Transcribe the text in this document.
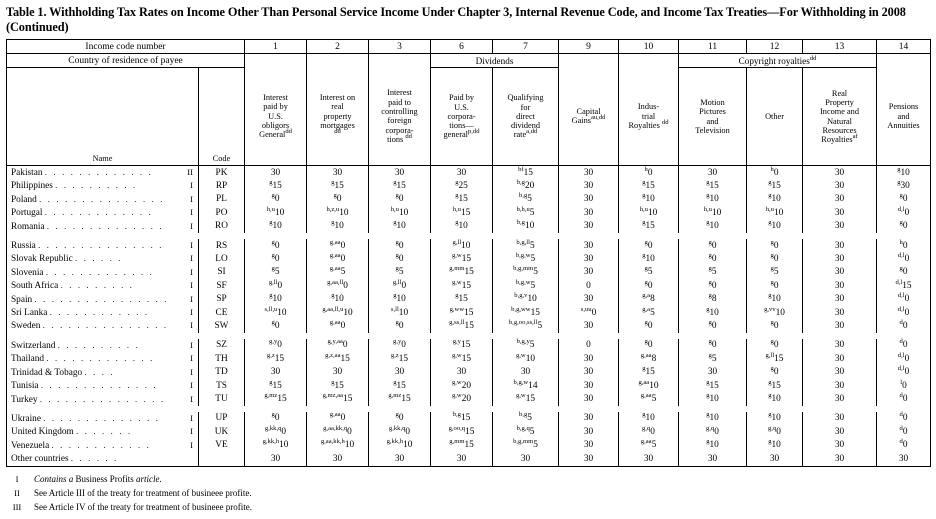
Table 1. Withholding Tax Rates on Income Other Than Personal Service Income Under Chapter 3, Internal Revenue Code, and Income Tax Treaties—For Withholding in 2008 (Continued)
Income code number		1	2	3	6	7	9	10	11	12	13	14
Country of residence of payee					Dividends				Copyright royalties$^{dd}$	
Name	Code	Interest
paid by
U.S.
obligors
General$^{dd}$	Interest on
real
property
mortgages
$^{dd}$	Interest
paid to
controlling
foreign
corpora-
tions $^{dd}$	Paid by
U.S.
corpora-
tions—
general$^{p,dd}$	Qualifying
for
direct
dividend
rate$^{a,dd}$	Capital
Gains$^{au,dd}$	Indus-
trial
Royalties $^{dd}$	Motion
Pictures
and
Television	Other	Real
Property
Income and
Natural
Resources
Royalties$^{af}$	Pensions
and
Annuities
Pakistan . . . . . . . . . . . . . II	PK	30	30	30	30	$^{bf}$15	30	$^h$0	30	$^h$0	30	$^g$10
Philippines . . . . . . . . . . I	RP	$^g$15	$^g$15	$^g$15	$^g$25	$^{b,g}$20	30	$^g$15	$^g$15	$^g$15	30	$^g$30
Poland . . . . . . . . . . . . . . . I	PL	$^g$0	$^g$0	$^g$0	$^g$15	$^{b,g}$5	30	$^g$10	$^g$10	$^g$10	30	$^g$0
Portugal . . . . . . . . . . . . . I	PO	$^{h,u}$10	$^{h,z,u}$10	$^{h,u}$10	$^{h,u}$15	$^{b,h,u}$5	30	$^{h,u}$10	$^{h,u}$10	$^{h,u}$10	30	$^{d,l}$0
Romania . . . . . . . . . . . . . . I	RO	$^g$10	$^g$10	$^g$10	$^g$10	$^{b,g}$10	30	$^g$15	$^g$10	$^g$10	30	$^g$0

Russia . . . . . . . . . . . . . . . I	RS	$^g$0	$^{g,aa}$0	$^g$0	$^{g,ll}$10	$^{b,g,ll}$5	30	$^g$0	$^g$0	$^g$0	30	$^h$0
Slovak Republic . . . . . . I	LO	$^g$0	$^{g,aa}$0	$^g$0	$^{g,w}$15	$^{b,g,w}$5	30	$^g$10	$^g$0	$^g$0	30	$^{d,l}$0
Slovenia . . . . . . . . . . . . . I	SI	$^g$5	$^{g,aa}$5	$^g$5	$^{g,mm}$15	$^{b,g,mm}$5	30	$^g$5	$^g$5	$^g$5	30	$^g$0
South Africa . . . . . . . . . I	SF	$^{g,ll}$0	$^{g,aa,ll}$0	$^{g,ll}$0	$^{g,w}$15	$^{b,g,w}$5	0	$^g$0	$^g$0	$^g$0	30	$^{d,l}$15
Spain . . . . . . . . . . . . . . . . I	SP	$^g$10	$^g$10	$^g$10	$^g$15	$^{b,g,v}$10	30	$^{g,a}$8	$^g$8	$^g$10	30	$^{d,l}$0
Sri Lanka . . . . . . . . . . . . I	CE	$^{s,ll,u}$10	$^{g,aa,ll,u}$10	$^{s,ll}$10	$^{g,ww}$15	$^{b,g,ww}$15	$^{s,uu}$0	$^{g,a}$5	$^g$10	$^{g,vv}$10	30	$^{d,l}$0
Sweden . . . . . . . . . . . . . . . I	SW	$^g$0	$^{g,aa}$0	$^g$0	$^{g,ss,ll}$15	$^{b,g,oo,ss,ll}$5	30	$^g$0	$^g$0	$^g$0	30	$^d$0

Switzerland . . . . . . . . . . I	SZ	$^{g,y}$0	$^{g,y,aa}$0	$^{g,y}$0	$^{g,y}$15	$^{b,g,y}$5	0	$^g$0	$^g$0	$^g$0	30	$^d$0
Thailand . . . . . . . . . . . . . I	TH	$^{g,z}$15	$^{g,z,aa}$15	$^{g,z}$15	$^{g,w}$15	$^{g,w}$10	30	$^{g,aa}$8	$^g$5	$^{g,ll}$15	30	$^{d,l}$0
Trinidad & Tobago . . . . I	TD	30	30	30	30	30	30	$^g$15	30	$^g$0	30	$^{d,l}$0
Tunisia . . . . . . . . . . . . . . I	TS	$^g$15	$^g$15	$^g$15	$^{g,w}$20	$^{b,g,w}$14	30	$^{g,aa}$10	$^g$15	$^g$15	30	$^l$0
Turkey . . . . . . . . . . . . . . . I	TU	$^{g,mz}$15	$^{g,mz,aa}$15	$^{g,mz}$15	$^{g,w}$20	$^{g,w}$15	30	$^{g,aa}$5	$^g$10	$^g$10	30	$^d$0

Ukraine . . . . . . . . . . . . . . I	UP	$^g$0	$^{g,aa}$0	$^g$0	$^{b,g}$15	$^{b,g}$5	30	$^g$10	$^g$10	$^g$10	30	$^d$0
United Kingdom . . . . . . . I	UK	$^{g,kk,q}$0	$^{g,aa,kk,q}$0	$^{g,kk,q}$0	$^{g,oo,q}$15	$^{b,g,q}$5	30	$^{g,q}$0	$^{g,q}$0	$^{g,q}$0	30	$^d$0
Venezuela . . . . . . . . . . . . I	VE	$^{g,kk,h}$10	$^{g,aa,kk,h}$10	$^{g,kk,h}$10	$^{g,mm}$15	$^{b,g,mm}$5	30	$^{g,aa}$5	$^g$10	$^g$10	30	$^d$0
Other countries . . . . . .		30	30	30	30	30	30	30	30	30	30	30
I	Contains a Business Profits article.
II	See Article III of the treaty for treatment of busineee profite.
III	See Article IV of the treaty for treatment of busineee profite.
